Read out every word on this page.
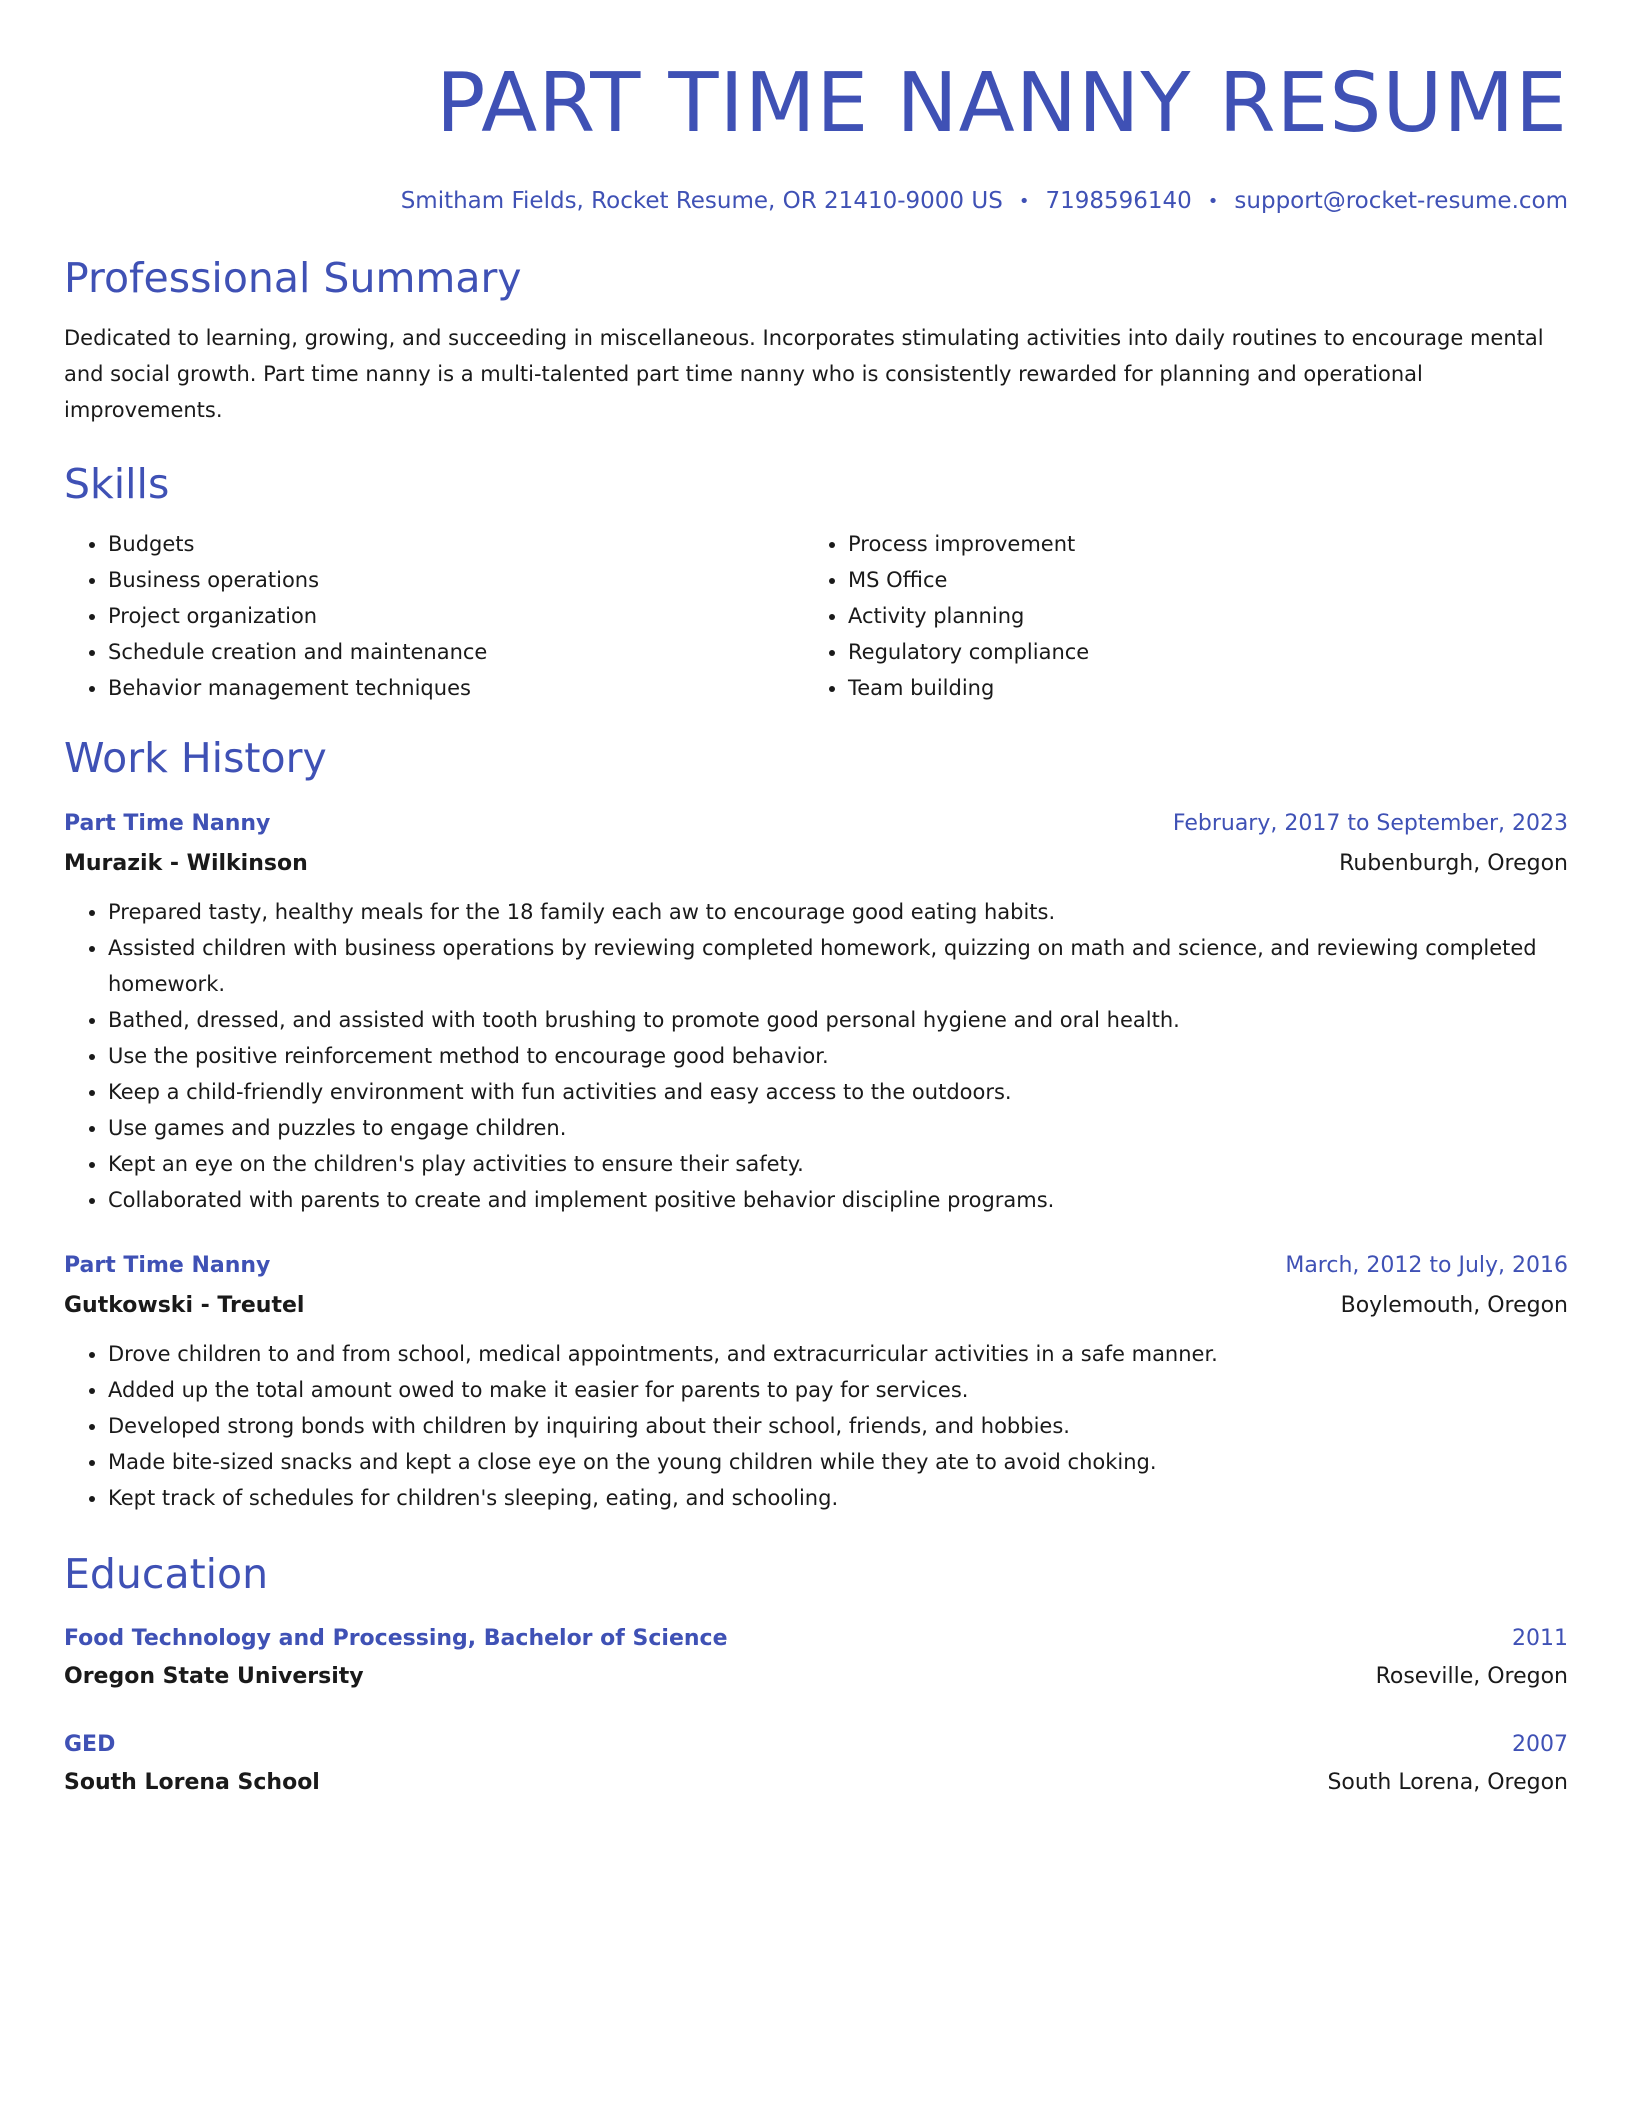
PART TIME NANNY RESUME
Smitham Fields, Rocket Resume, OR 21410-9000 US • 7198596140 • support@rocket-resume.com
Professional Summary
Dedicated to learning, growing, and succeeding in miscellaneous. Incorporates stimulating activities into daily routines to encourage mental and social growth. Part time nanny is a multi-talented part time nanny who is consistently rewarded for planning and operational improvements.
Skills
• Budgets
• Business operations
• Project organization
• Schedule creation and maintenance
• Behavior management techniques
• Process improvement
• MS Office
• Activity planning
• Regulatory compliance
• Team building
Work History
Part Time Nanny	February, 2017 to September, 2023
Murazik - Wilkinson	Rubenburgh, Oregon
• Prepared tasty, healthy meals for the 18 family each aw to encourage good eating habits.
• Assisted children with business operations by reviewing completed homework, quizzing on math and science, and reviewing completed homework.
• Bathed, dressed, and assisted with tooth brushing to promote good personal hygiene and oral health.
• Use the positive reinforcement method to encourage good behavior.
• Keep a child-friendly environment with fun activities and easy access to the outdoors.
• Use games and puzzles to engage children.
• Kept an eye on the children's play activities to ensure their safety.
• Collaborated with parents to create and implement positive behavior discipline programs.
Part Time Nanny	March, 2012 to July, 2016
Gutkowski - Treutel	Boylemouth, Oregon
• Drove children to and from school, medical appointments, and extracurricular activities in a safe manner.
• Added up the total amount owed to make it easier for parents to pay for services.
• Developed strong bonds with children by inquiring about their school, friends, and hobbies.
• Made bite-sized snacks and kept a close eye on the young children while they ate to avoid choking.
• Kept track of schedules for children's sleeping, eating, and schooling.
Education
Food Technology and Processing, Bachelor of Science	2011
Oregon State University	Roseville, Oregon
GED	2007
South Lorena School	South Lorena, Oregon
